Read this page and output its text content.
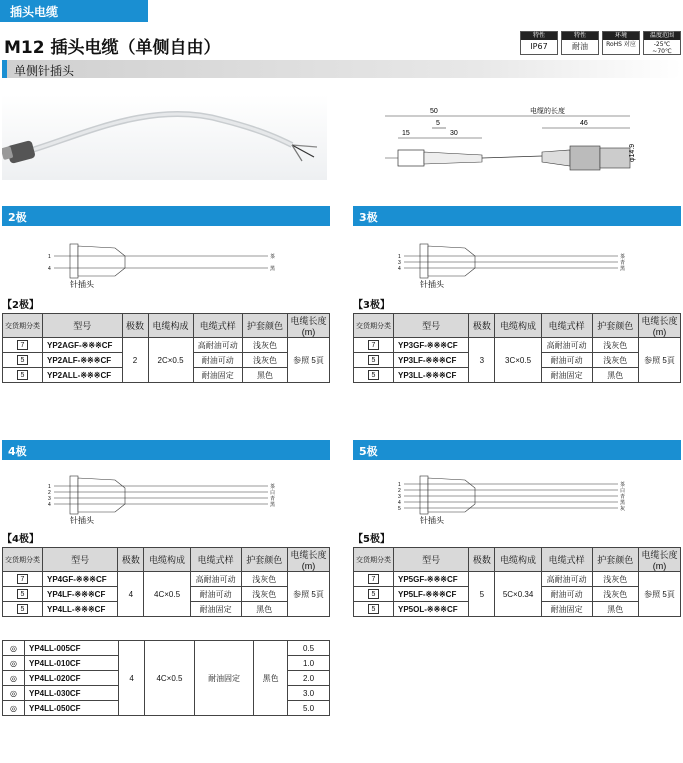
插头电缆
M12 插头电缆（单侧自由）
特性
IP67
特性
耐油
环境
RoHS 对应
温度范围
-25℃ ~70℃
单侧针插头
50
5
15	30
电缆的长度
46
φ14.9
2极
1
4
茶
黑
针插头
【2极】
交货期分类	型号	极数	电缆构成	电缆式样	护套颜色	电缆长度(m)
7	YP2AGF-※※※CF	2	2C×0.5	高耐油可动	浅灰色	参照 5頁
5	YP2ALF-※※※CF			耐油可动	浅灰色	
5	YP2ALL-※※※CF			耐油固定	黑色	
3极
1
3
4
茶
青
黑
针插头
【3极】
交货期分类	型号	极数	电缆构成	电缆式样	护套颜色	电缆长度(m)
7	YP3GF-※※※CF	3	3C×0.5	高耐油可动	浅灰色	参照 5頁
5	YP3LF-※※※CF			耐油可动	浅灰色	
5	YP3LL-※※※CF			耐油固定	黑色	
4极
1
2
3
4
茶
白
青
黑
针插头
【4极】
交货期分类	型号	极数	电缆构成	电缆式样	护套颜色	电缆长度(m)
7	YP4GF-※※※CF	4	4C×0.5	高耐油可动	浅灰色	参照 5頁
5	YP4LF-※※※CF			耐油可动	浅灰色	
5	YP4LL-※※※CF			耐油固定	黑色	
◎	YP4LL-005CF	4	4C×0.5	耐油固定	黑色	0.5
◎	YP4LL-010CF					1.0
◎	YP4LL-020CF					2.0
◎	YP4LL-030CF					3.0
◎	YP4LL-050CF					5.0
5极
1
2
3
4
5
茶
白
青
黑
灰
针插头
【5极】
交货期分类	型号	极数	电缆构成	电缆式样	护套颜色	电缆长度(m)
7	YP5GF-※※※CF	5	5C×0.34	高耐油可动	浅灰色	参照 5頁
5	YP5LF-※※※CF			耐油可动	浅灰色	
5	YP5OL-※※※CF			耐油固定	黑色	
